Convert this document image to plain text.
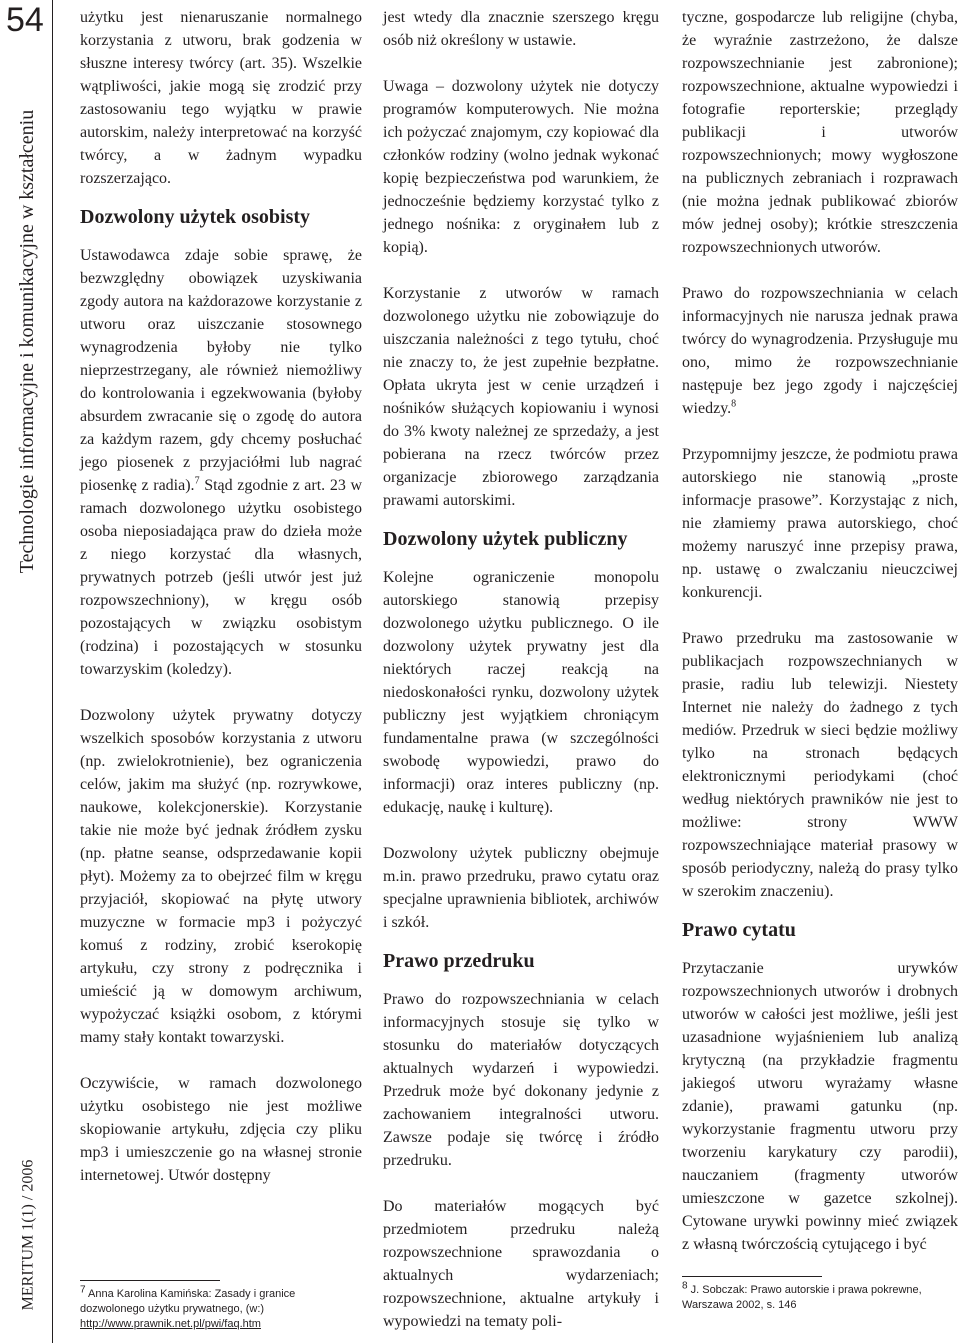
54
Technologie informacyjne i komunikacyjne w kształceniu
MERITUM 1(1) / 2006

użytku jest nienaruszanie normalnego korzystania z utworu, brak godzenia w słuszne interesy twórcy (art. 35). Wszelkie wątpliwości, jakie mogą się zrodzić przy zastosowaniu tego wyjątku w prawie autorskim, należy interpretować na korzyść twórcy, a w żadnym wypadku rozszerzająco.

Dozwolony użytek osobisty

Ustawodawca zdaje sobie sprawę, że bezwzględny obowiązek uzyskiwania zgody autora na każdorazowe korzystanie z utworu oraz uiszczanie stosownego wynagrodzenia byłoby nie tylko nieprzestrzegany, ale również niemożliwy do kontrolowania i egzekwowania (byłoby absurdem zwracanie się o zgodę do autora za każdym razem, gdy chcemy posłuchać jego piosenek z przyjaciółmi lub nagrać piosenkę z radia).$^7$ Stąd zgodnie z art. 23 w ramach dozwolonego użytku osobistego osoba nieposiadająca praw do dzieła może z niego korzystać dla własnych, prywatnych potrzeb (jeśli utwór jest już rozpowszechniony), w kręgu osób pozostających w związku osobistym (rodzina) i pozostających w stosunku towarzyskim (koledzy).

Dozwolony użytek prywatny dotyczy wszelkich sposobów korzystania z utworu (np. zwielokrotnienie), bez ograniczenia celów, jakim ma służyć (np. rozrywkowe, naukowe, kolekcjonerskie). Korzystanie takie nie może być jednak źródłem zysku (np. płatne seanse, odsprzedawanie kopii płyt). Możemy za to obejrzeć film w kręgu przyjaciół, skopiować na płytę utwory muzyczne w formacie mp3 i pożyczyć komuś z rodziny, zrobić kserokopię artykułu, czy strony z podręcznika i umieścić ją w domowym archiwum, wypożyczać książki osobom, z którymi mamy stały kontakt towarzyski.

Oczywiście, w ramach dozwolonego użytku osobistego nie jest możliwe skopiowanie artykułu, zdjęcia czy pliku mp3 i umieszczenie go na własnej stronie internetowej. Utwór dostępny

$^7$ Anna Karolina Kamińska: Zasady i granice dozwolonego użytku prywatnego, (w:) http://www.prawnik.net.pl/pwi/faq.htm

jest wtedy dla znacznie szerszego kręgu osób niż określony w ustawie.

Uwaga – dozwolony użytek nie dotyczy programów komputerowych. Nie można ich pożyczać znajomym, czy kopiować dla członków rodziny (wolno jednak wykonać kopię bezpieczeństwa pod warunkiem, że jednocześnie będziemy korzystać tylko z jednego nośnika: z oryginałem lub z kopią).

Korzystanie z utworów w ramach dozwolonego użytku nie zobowiązuje do uiszczania należności z tego tytułu, choć nie znaczy to, że jest zupełnie bezpłatne. Opłata ukryta jest w cenie urządzeń i nośników służących kopiowaniu i wynosi do 3% kwoty należnej ze sprzedaży, a jest pobierana na rzecz twórców przez organizacje zbiorowego zarządzania prawami autorskimi.

Dozwolony użytek publiczny

Kolejne ograniczenie monopolu autorskiego stanowią przepisy dozwolonego użytku publicznego. O ile dozwolony użytek prywatny jest dla niektórych raczej reakcją na niedoskonałości rynku, dozwolony użytek publiczny jest wyjątkiem chroniącym fundamentalne prawa (w szczególności swobodę wypowiedzi, prawo do informacji) oraz interes publiczny (np. edukację, naukę i kulturę).

Dozwolony użytek publiczny obejmuje m.in. prawo przedruku, prawo cytatu oraz specjalne uprawnienia bibliotek, archiwów i szkół.

Prawo przedruku

Prawo do rozpowszechniania w celach informacyjnych stosuje się tylko w stosunku do materiałów dotyczących aktualnych wydarzeń i wypowiedzi. Przedruk może być dokonany jedynie z zachowaniem integralności utworu. Zawsze podaje się twórcę i źródło przedruku.

Do materiałów mogących być przedmiotem przedruku należą rozpowszechnione sprawozdania o aktualnych wydarzeniach; rozpowszechnione, aktualne artykuły i wypowiedzi na tematy poli-

tyczne, gospodarcze lub religijne (chyba, że wyraźnie zastrzeżono, że dalsze rozpowszechnianie jest zabronione); rozpowszechnione, aktualne wypowiedzi i fotografie reporterskie; przeglądy publikacji i utworów rozpowszechnionych; mowy wygłoszone na publicznych zebraniach i rozprawach (nie można jednak publikować zbiorów mów jednej osoby); krótkie streszczenia rozpowszechnionych utworów.

Prawo do rozpowszechniania w celach informacyjnych nie narusza jednak prawa twórcy do wynagrodzenia. Przysługuje mu ono, mimo że rozpowszechnianie następuje bez jego zgody i najczęściej wiedzy.$^8$

Przypomnijmy jeszcze, że podmiotu prawa autorskiego nie stanowią „proste informacje prasowe”. Korzystając z nich, nie złamiemy prawa autorskiego, choć możemy naruszyć inne przepisy prawa, np. ustawę o zwalczaniu nieuczciwej konkurencji.

Prawo przedruku ma zastosowanie w publikacjach rozpowszechnianych w prasie, radiu lub telewizji. Niestety Internet nie należy do żadnego z tych mediów. Przedruk w sieci będzie możliwy tylko na stronach będących elektronicznymi periodykami (choć według niektórych prawników nie jest to możliwe: strony WWW rozpowszechniające materiał prasowy w sposób periodyczny, należą do prasy tylko w szerokim znaczeniu).

Prawo cytatu

Przytaczanie urywków rozpowszechnionych utworów i drobnych utworów w całości jest możliwe, jeśli jest uzasadnione wyjaśnieniem lub analizą krytyczną (na przykładzie fragmentu jakiegoś utworu wyrażamy własne zdanie), prawami gatunku (np. wykorzystanie fragmentu utworu przy tworzeniu karykatury czy parodii), nauczaniem (fragmenty utworów umieszczone w gazetce szkolnej). Cytowane urywki powinny mieć związek z własną twórczością cytującego i być

$^8$ J. Sobczak: Prawo autorskie i prawa pokrewne, Warszawa 2002, s. 146
